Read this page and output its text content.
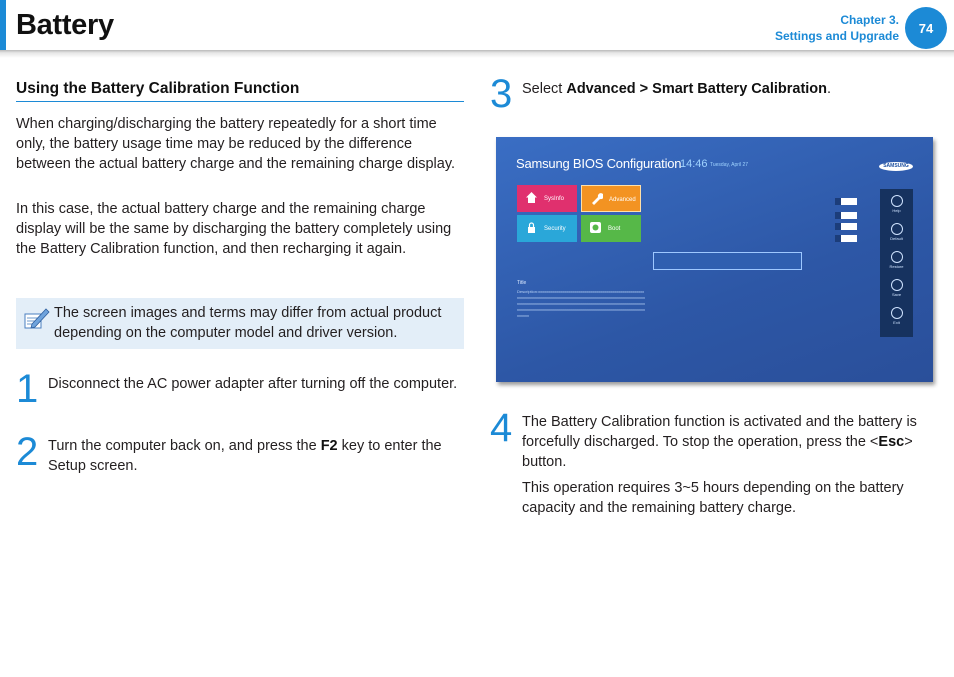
Battery	Chapter 3.
Settings and Upgrade
74
Using the Battery Calibration Function

When charging/discharging the battery repeatedly for a short time only, the battery usage time may be reduced by the difference between the actual battery charge and the remaining charge display.

In this case, the actual battery charge and the remaining charge display will be the same by discharging the battery completely using the Battery Calibration function, and then recharging it again.

The screen images and terms may differ from actual product depending on the computer model and driver version.
1 Disconnect the AC power adapter after turning off the computer.

2 Turn the computer back on, and press the F2 key to enter the Setup screen.

3 Select Advanced > Smart Battery Calibration.

Samsung BIOS Configuration
14:46 Tuesday, April 27	SAMSUNG
SysInfo	Advanced
Security	Boot
Help
Default
Restore
Save
Exit
Title
Description:xxxxxxxxxxxxxxxxxxxxxxxxxxxxxxxxxxxxxxxxxxxxxxxxxxxxxxxxxxxxxxxxxxxxxxxxxxxxxxxxxxxxxxxxxxxxxxxxxxxxxxxxxxxxxxxxxxxxxxxxxxxxxxxxxxxxxxxxxxxxxxxxxxxxxxxxxxxxxxxxxxxxxxxxxxxxxxxxxxxxxxxxxxxxxxxxxxxxxxxxxxxxxxxxxxxxxxxxxxxxxxxxxxxxxxxxxxxxxxxxxxxxxxxxxxx
4 The Battery Calibration function is activated and the battery is forcefully discharged. To stop the operation, press the <Esc> button.

This operation requires 3~5 hours depending on the battery capacity and the remaining battery charge.
